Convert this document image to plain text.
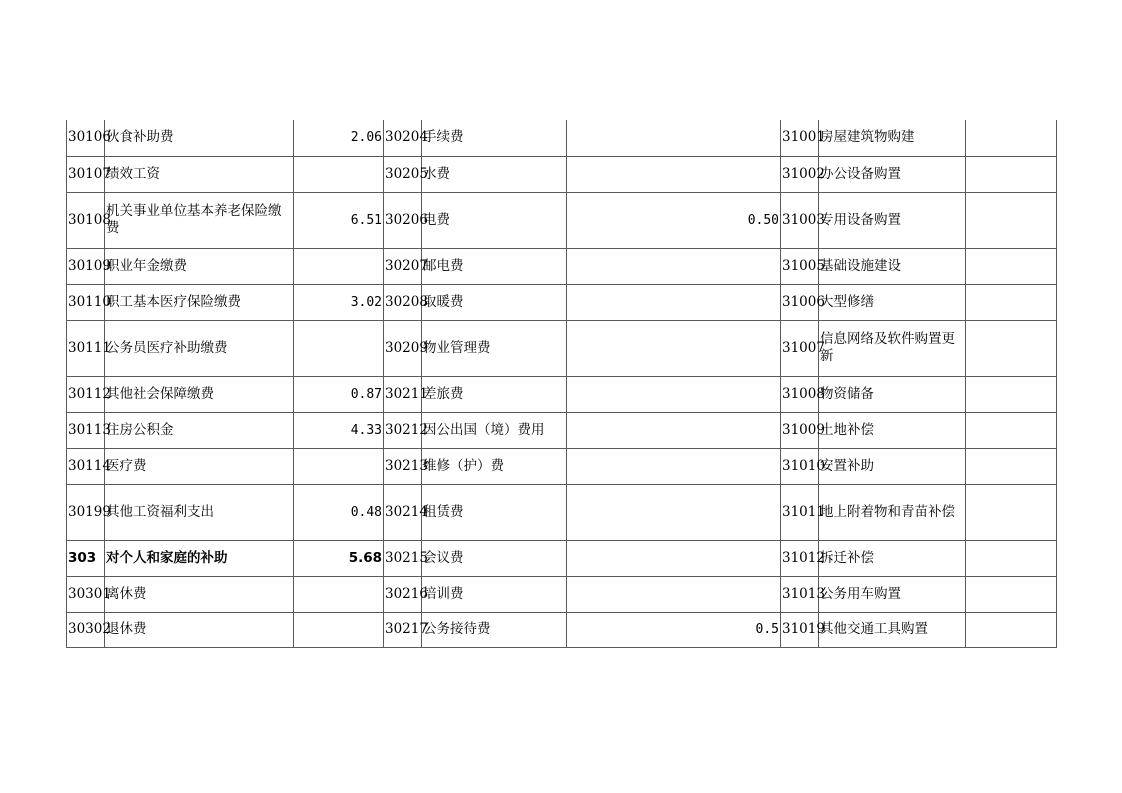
30106	伙食补助费	2.06	30204	手续费		31001	房屋建筑物购建	
30107	绩效工资		30205	水费		31002	办公设备购置	
30108	机关事业单位基本养老保险缴费	6.51	30206	电费	0.50	31003	专用设备购置	
30109	职业年金缴费		30207	邮电费		31005	基础设施建设	
30110	职工基本医疗保险缴费	3.02	30208	取暖费		31006	大型修缮	
30111	公务员医疗补助缴费		30209	物业管理费		31007	信息网络及软件购置更新	
30112	其他社会保障缴费	0.87	30211	差旅费		31008	物资储备	
30113	住房公积金	4.33	30212	因公出国（境）费用		31009	土地补偿	
30114	医疗费		30213	维修（护）费		31010	安置补助	
30199	其他工资福利支出	0.48	30214	租赁费		31011	地上附着物和青苗补偿	
303	对个人和家庭的补助	5.68	30215	会议费		31012	拆迁补偿	
30301	离休费		30216	培训费		31013	公务用车购置	
30302	退休费		30217	公务接待费	0.5	31019	其他交通工具购置	
